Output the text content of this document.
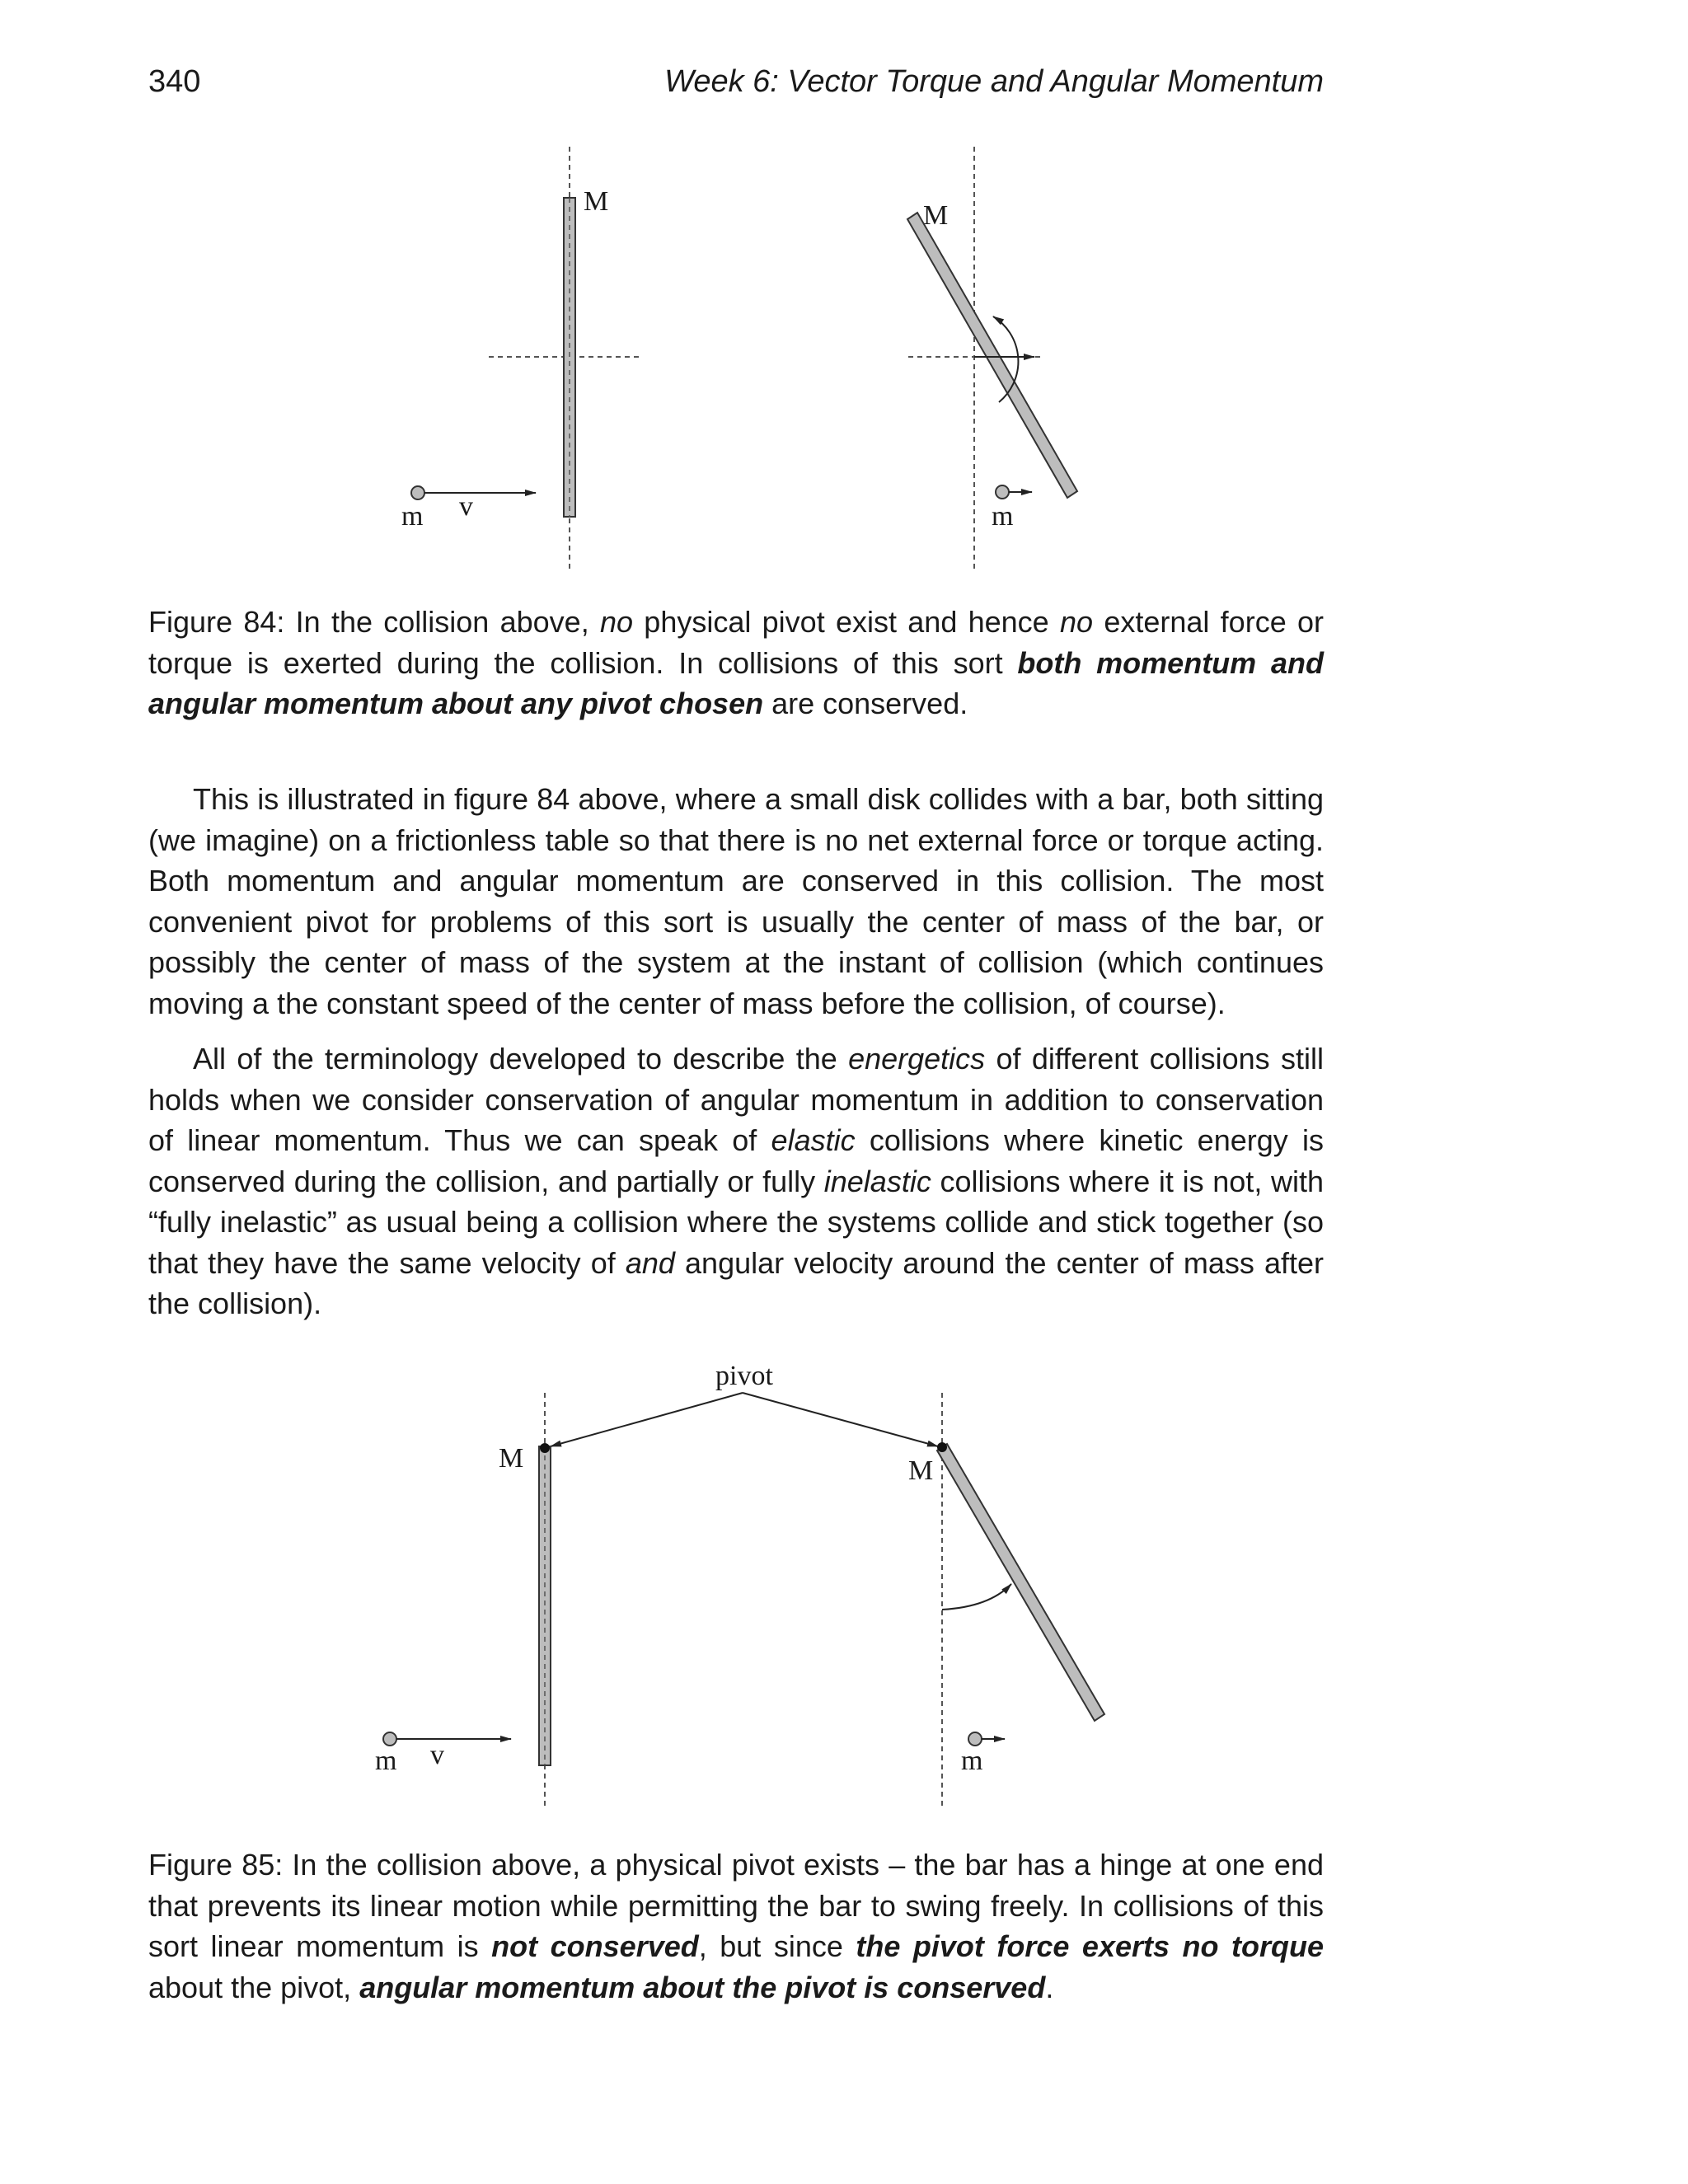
340	Week 6: Vector Torque and Angular Momentum
M
m v
M
m

Figure 84: In the collision above, no physical pivot exist and hence no external force or torque is exerted during the collision. In collisions of this sort both momentum and angular momentum about any pivot chosen are conserved.

This is illustrated in figure 84 above, where a small disk collides with a bar, both sitting (we imagine) on a frictionless table so that there is no net external force or torque acting. Both momentum and angular momentum are conserved in this collision. The most convenient pivot for problems of this sort is usually the center of mass of the bar, or possibly the center of mass of the system at the instant of collision (which continues moving a the constant speed of the center of mass before the collision, of course).

All of the terminology developed to describe the energetics of different collisions still holds when we consider conservation of angular momentum in addition to conservation of linear momentum. Thus we can speak of elastic collisions where kinetic energy is conserved during the collision, and partially or fully inelastic collisions where it is not, with “fully inelastic” as usual being a collision where the systems collide and stick together (so that they have the same velocity of and angular velocity around the center of mass after the collision).

pivot
M
m v
M
m

Figure 85: In the collision above, a physical pivot exists – the bar has a hinge at one end that prevents its linear motion while permitting the bar to swing freely. In collisions of this sort linear momentum is not conserved, but since the pivot force exerts no torque about the pivot, angular momentum about the pivot is conserved.
